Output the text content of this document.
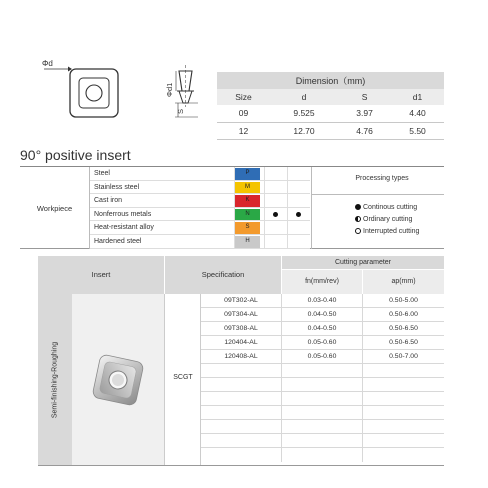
Φd
Φd1
S
Dimension（mm)			
Size	d	S	d1
09	9.525	3.97	4.40
12	12.70	4.76	5.50
90° positive insert
Workpiece
Steel	P
Stainless steel	M
Cast iron	K
Nonferrous metals	N
Heat-resistant alloy	S
Hardened steel	H
Processing types
Continous cutting
Ordinary cutting
Interrupted cutting
Insert	Specification
Cutting parameter
fn(mm/rev)	ap(mm)
Semi-finishing-Roughing	SCGT
09T302-AL	0.03-0.40	0.50-5.00
09T304-AL	0.04-0.50	0.50-6.00
09T308-AL	0.04-0.50	0.50-6.50
120404-AL	0.05-0.60	0.50-6.50
120408-AL	0.05-0.60	0.50-7.00
